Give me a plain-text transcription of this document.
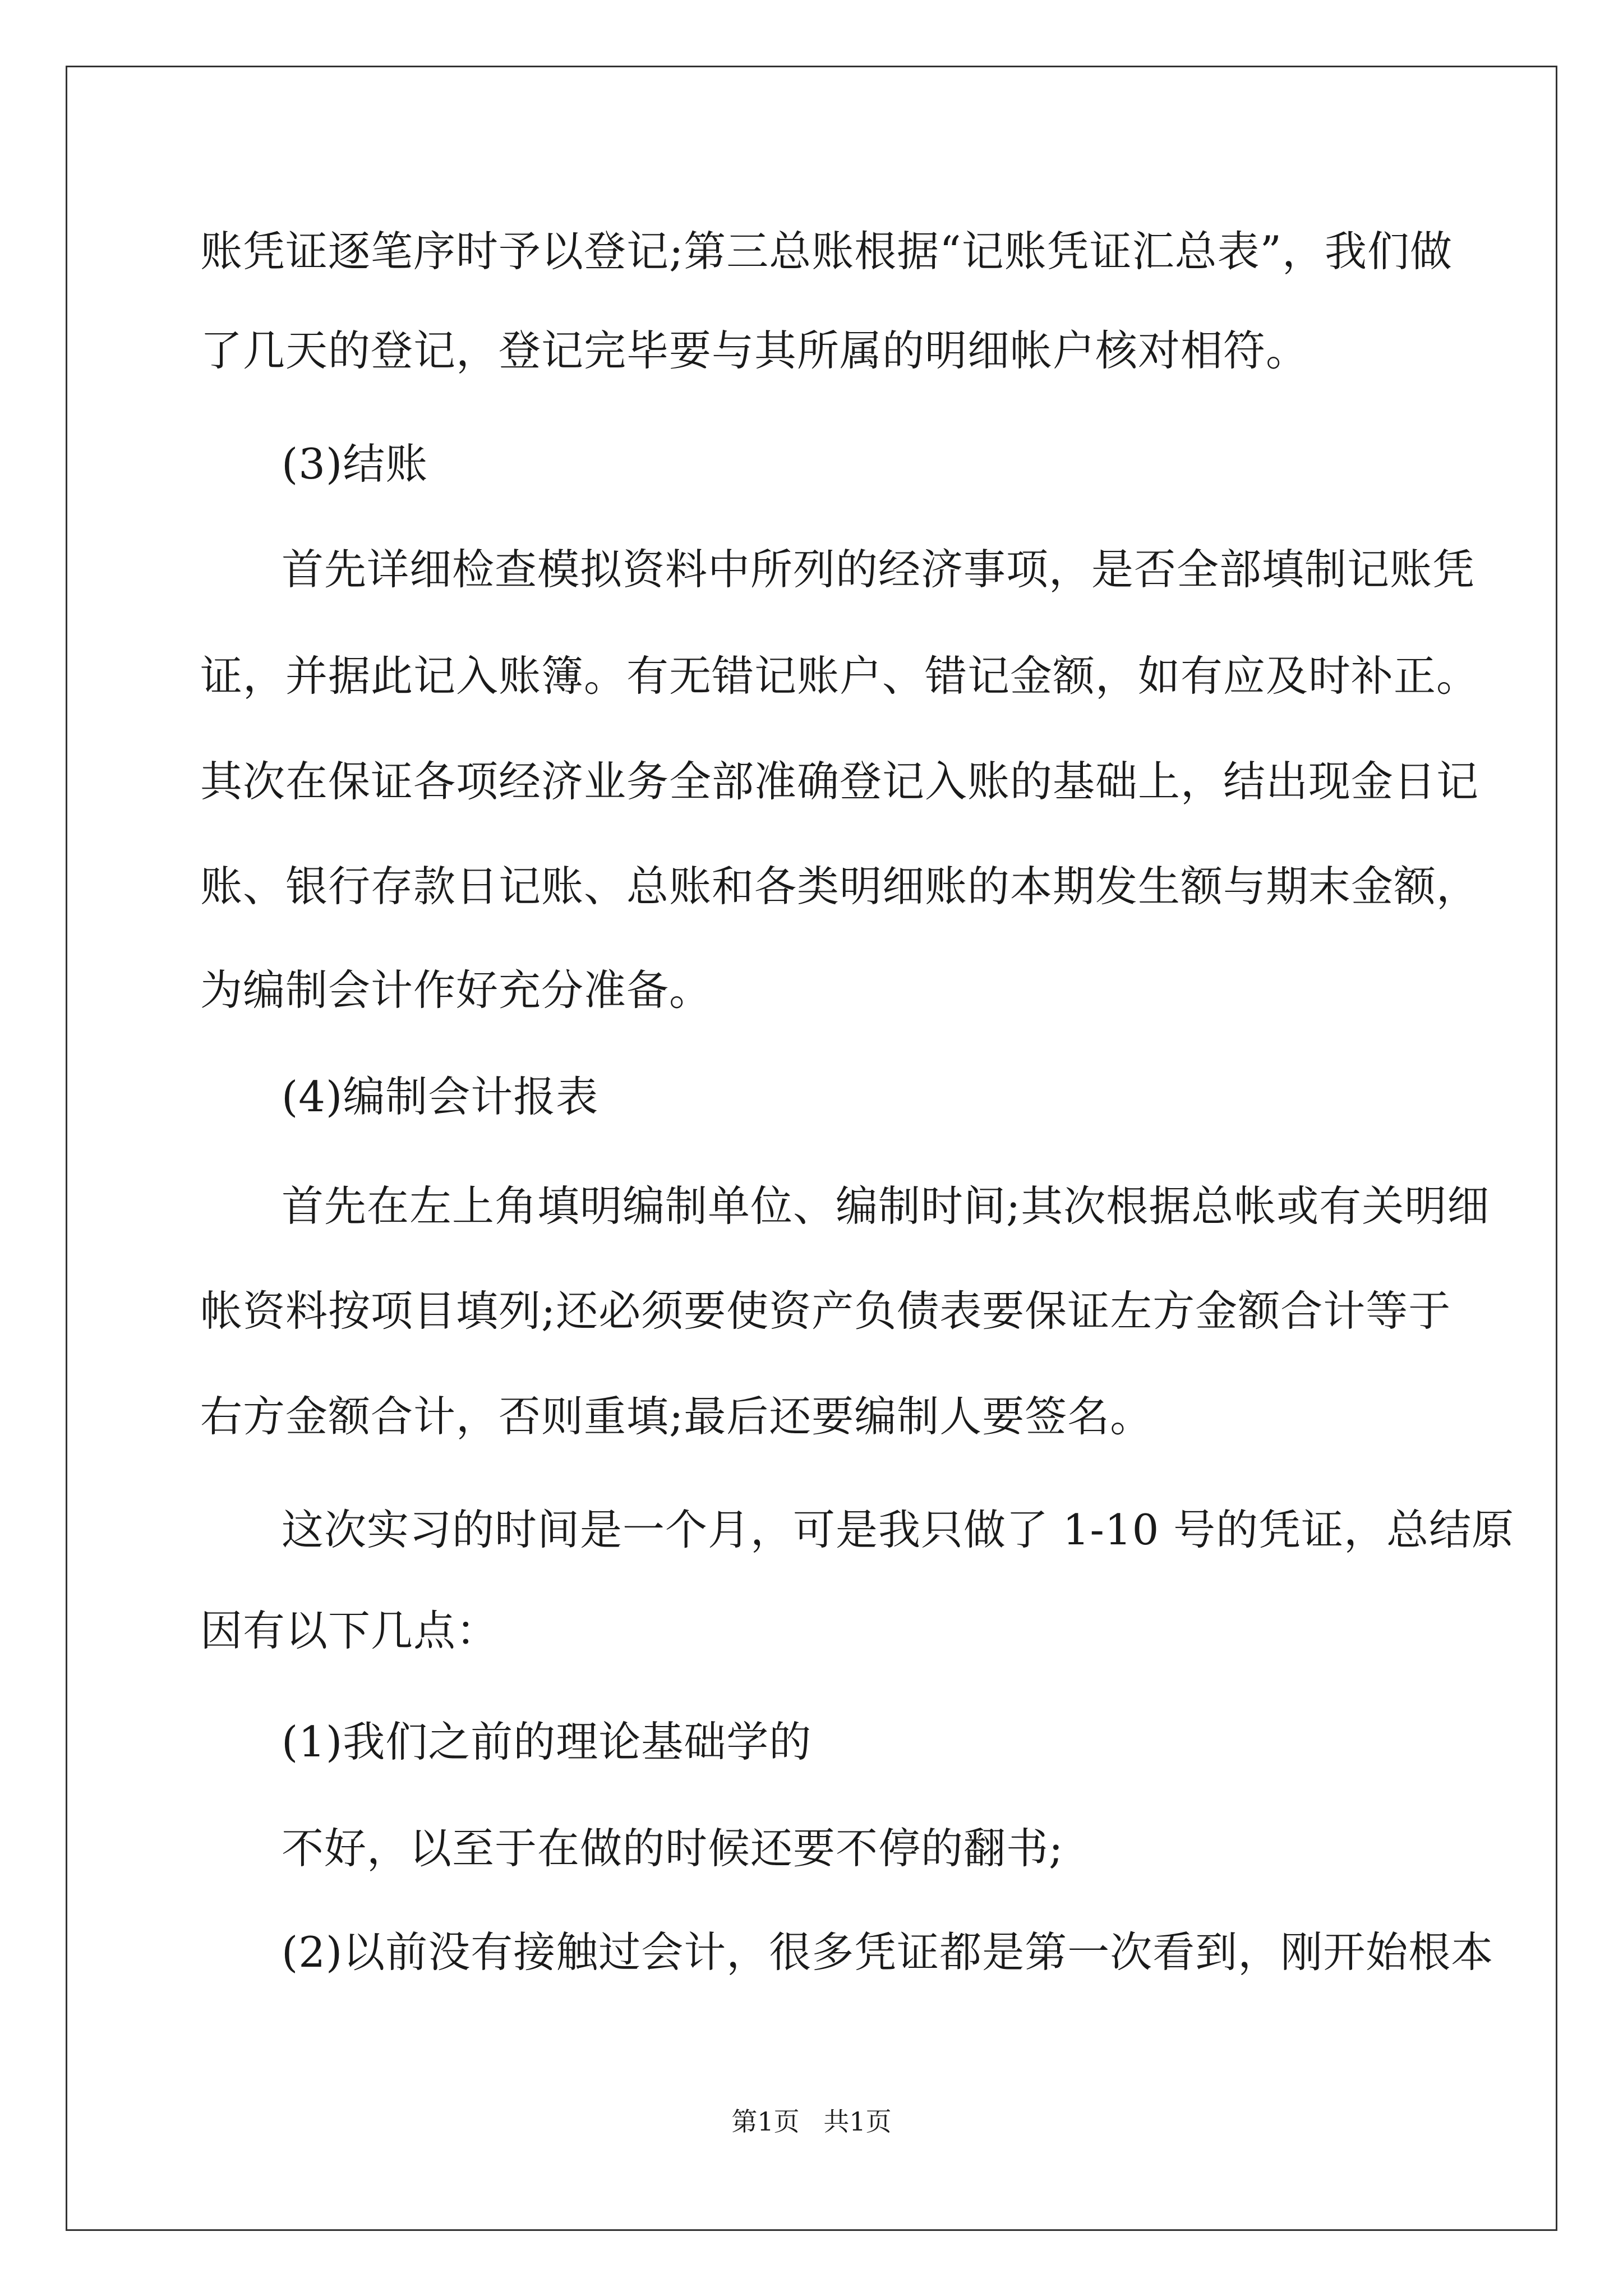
账凭证逐笔序时予以登记;第三总账根据“记账凭证汇总表”，我们做
了几天的登记，登记完毕要与其所属的明细帐户核对相符。
(3)结账
首先详细检查模拟资料中所列的经济事项，是否全部填制记账凭
证，并据此记入账簿。有无错记账户、错记金额，如有应及时补正。
其次在保证各项经济业务全部准确登记入账的基础上，结出现金日记
账、银行存款日记账、总账和各类明细账的本期发生额与期末金额，
为编制会计作好充分准备。
(4)编制会计报表
首先在左上角填明编制单位、编制时间;其次根据总帐或有关明细
帐资料按项目填列;还必须要使资产负债表要保证左方金额合计等于
右方金额合计，否则重填;最后还要编制人要签名。
这次实习的时间是一个月，可是我只做了 1-10 号的凭证，总结原
因有以下几点：
(1)我们之前的理论基础学的
不好，以至于在做的时候还要不停的翻书;
(2)以前没有接触过会计，很多凭证都是第一次看到，刚开始根本
第1页 共1页
